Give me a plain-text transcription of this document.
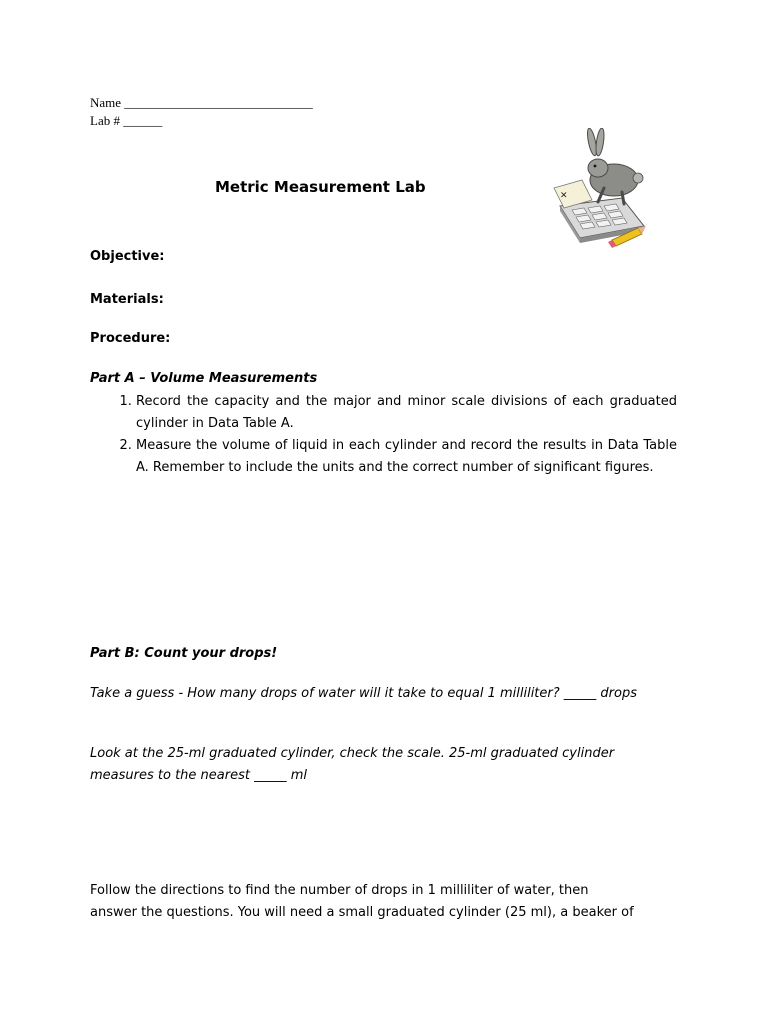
Name _____________________________
Lab # ______
Metric Measurement Lab	✕

Objective:

Materials:

Procedure:

Part A – Volume Measurements

1. Record the capacity and the major and minor scale divisions of each graduated cylinder in Data Table A.
2. Measure the volume of liquid in each cylinder and record the results in Data Table A. Remember to include the units and the correct number of significant figures.

Part B: Count your drops!

Take a guess - How many drops of water will it take to equal 1 milliliter? _____ drops

Look at the 25-ml graduated cylinder, check the scale. 25-ml graduated cylinder measures to the nearest _____ ml

Follow the directions to find the number of drops in 1 milliliter of water, then
answer the questions. You will need a small graduated cylinder (25 ml), a beaker of
